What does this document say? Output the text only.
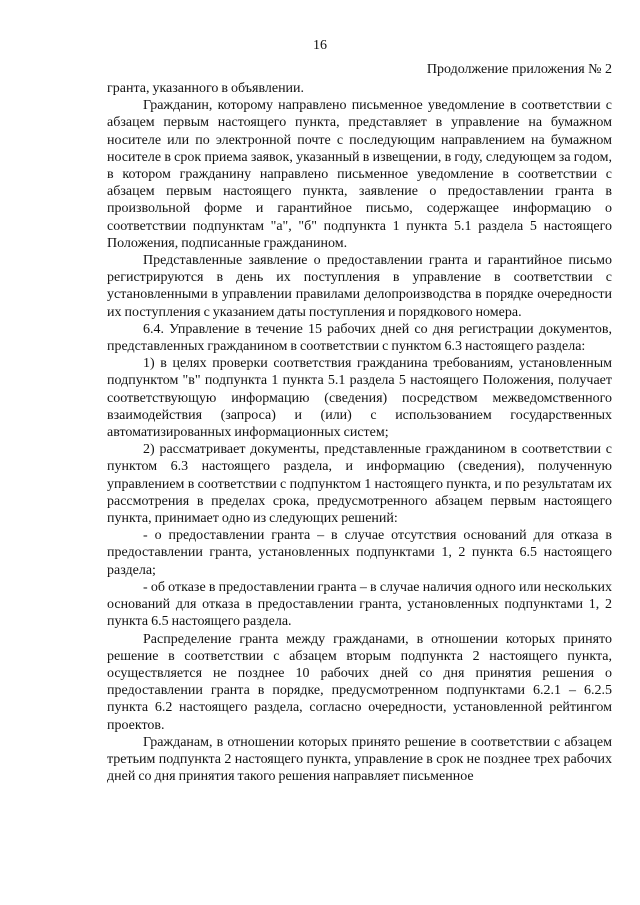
16
Продолжение приложения № 2

гранта, указанного в объявлении.

Гражданин, которому направлено письменное уведомление в соответствии с абзацем первым настоящего пункта, представляет в управление на бумажном носителе или по электронной почте с последующим направлением на бумажном носителе в срок приема заявок, указанный в извещении, в году, следующем за годом, в котором гражданину направлено письменное уведомление в соответствии с абзацем первым настоящего пункта, заявление о предоставлении гранта в произвольной форме и гарантийное письмо, содержащее информацию о соответствии подпунктам "а", "б" подпункта 1 пункта 5.1 раздела 5 настоящего Положения, подписанные гражданином.

Представленные заявление о предоставлении гранта и гарантийное письмо регистрируются в день их поступления в управление в соответствии с установленными в управлении правилами делопроизводства в порядке очередности их поступления с указанием даты поступления и порядкового номера.

6.4. Управление в течение 15 рабочих дней со дня регистрации документов, представленных гражданином в соответствии с пунктом 6.3 настоящего раздела:

1) в целях проверки соответствия гражданина требованиям, установленным подпунктом "в" подпункта 1 пункта 5.1 раздела 5 настоящего Положения, получает соответствующую информацию (сведения) посредством межведомственного взаимодействия (запроса) и (или) с использованием государственных автоматизированных информационных систем;

2) рассматривает документы, представленные гражданином в соответствии с пунктом 6.3 настоящего раздела, и информацию (сведения), полученную управлением в соответствии с подпунктом 1 настоящего пункта, и по результатам их рассмотрения в пределах срока, предусмотренного абзацем первым настоящего пункта, принимает одно из следующих решений:

- о предоставлении гранта – в случае отсутствия оснований для отказа в предоставлении гранта, установленных подпунктами 1, 2 пункта 6.5 настоящего раздела;

- об отказе в предоставлении гранта – в случае наличия одного или нескольких оснований для отказа в предоставлении гранта, установленных подпунктами 1, 2 пункта 6.5 настоящего раздела.

Распределение гранта между гражданами, в отношении которых принято решение в соответствии с абзацем вторым подпункта 2 настоящего пункта, осуществляется не позднее 10 рабочих дней со дня принятия решения о предоставлении гранта в порядке, предусмотренном подпунктами 6.2.1 – 6.2.5 пункта 6.2 настоящего раздела, согласно очередности, установленной рейтингом проектов.

Гражданам, в отношении которых принято решение в соответствии с абзацем третьим подпункта 2 настоящего пункта, управление в срок не позднее трех рабочих дней со дня принятия такого решения направляет письменное
